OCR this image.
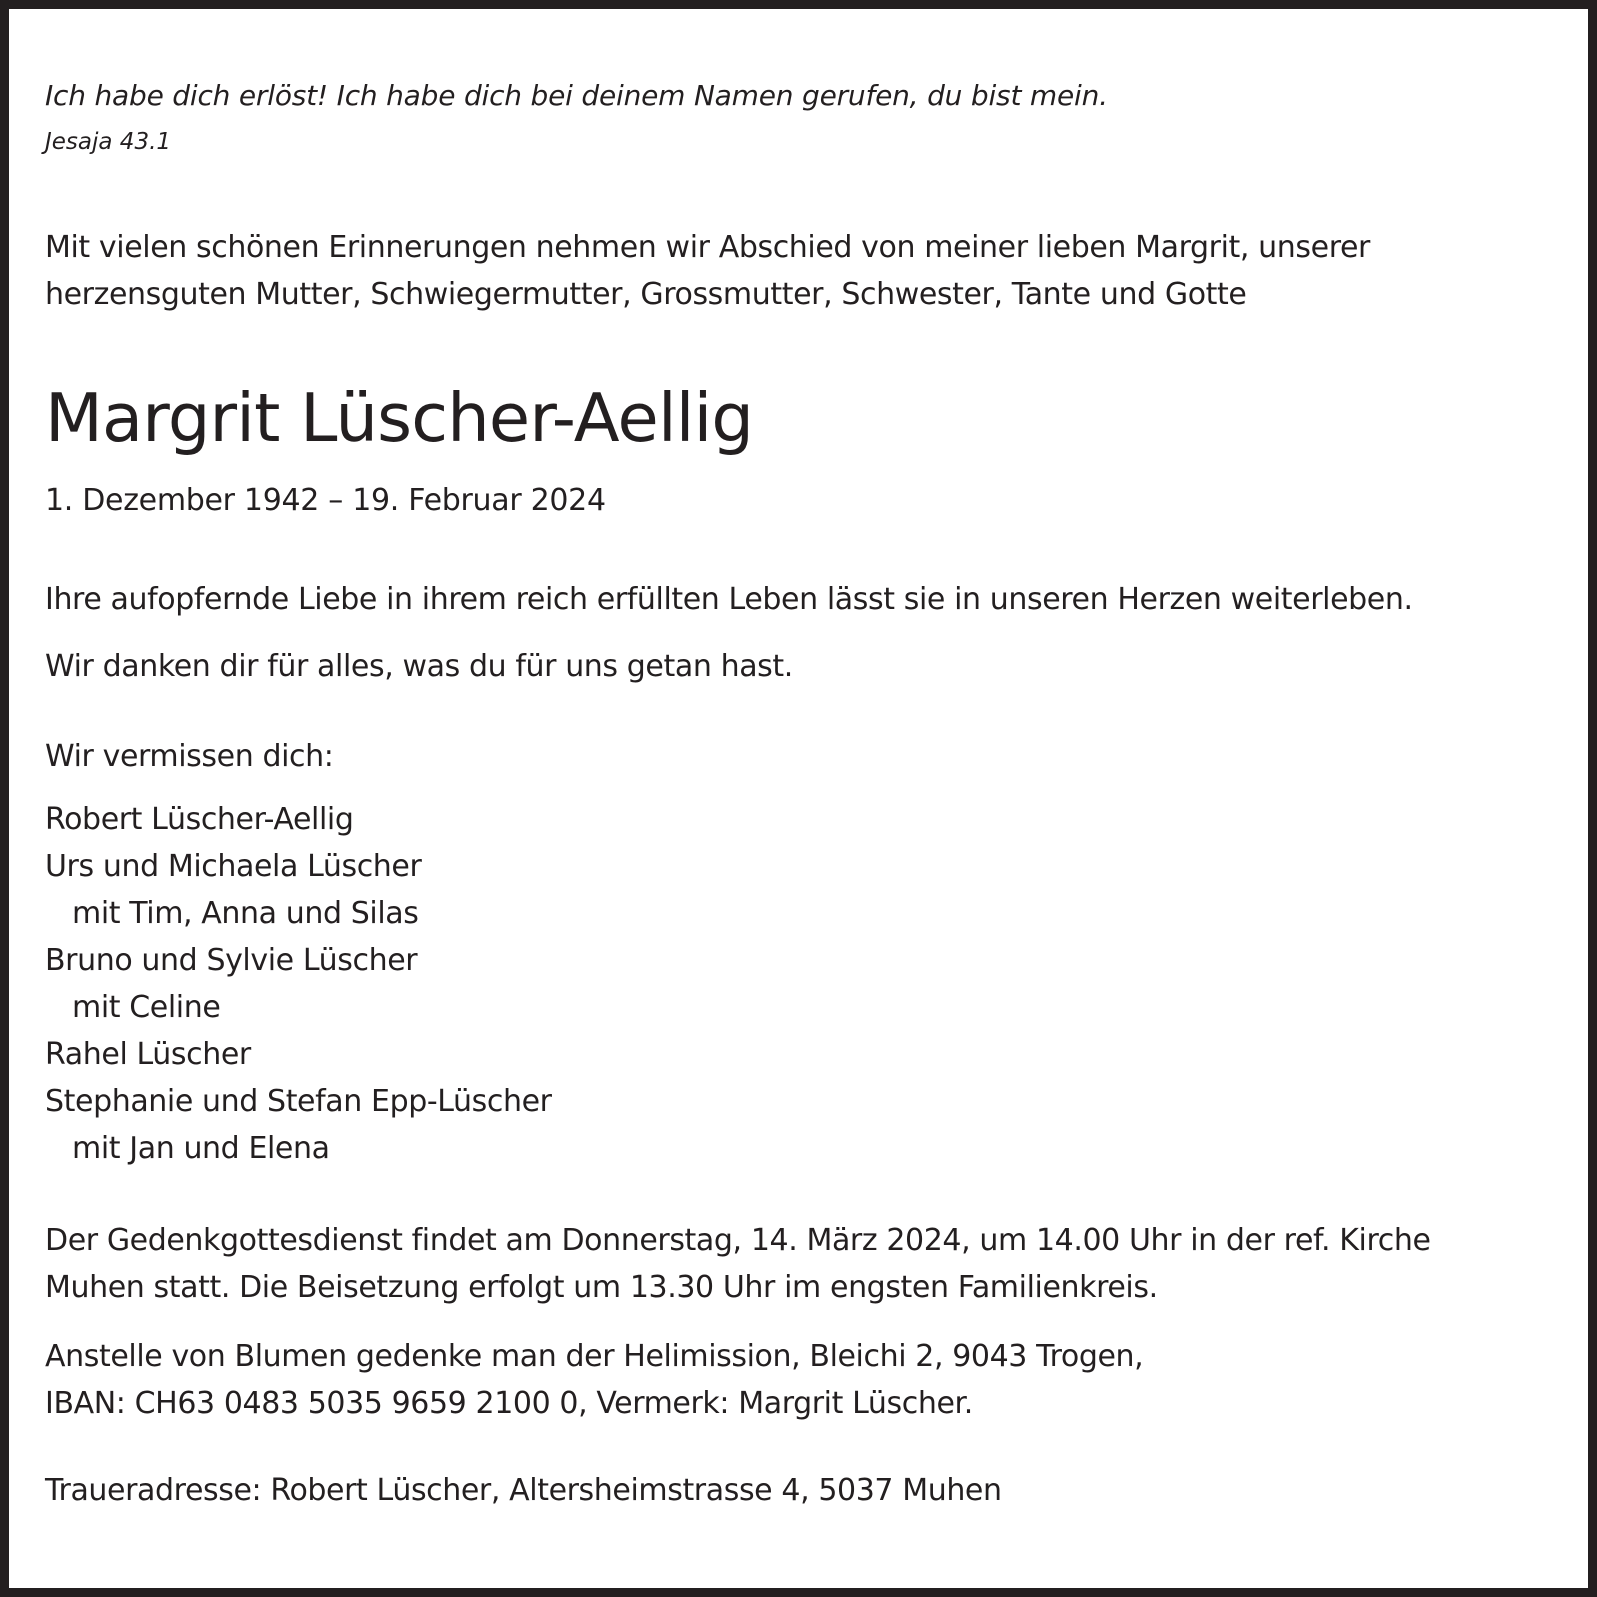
Ich habe dich erlöst! Ich habe dich bei deinem Namen gerufen, du bist mein.

Jesaja 43.1

Mit vielen schönen Erinnerungen nehmen wir Abschied von meiner lieben Margrit, unserer
herzensguten Mutter, Schwiegermutter, Grossmutter, Schwester, Tante und Gotte
Margrit Lüscher-Aellig

1. Dezember 1942 – 19. Februar 2024

Ihre aufopfernde Liebe in ihrem reich erfüllten Leben lässt sie in unseren Herzen weiterleben.

Wir danken dir für alles, was du für uns getan hast.

Wir vermissen dich:

Robert Lüscher-Aellig
Urs und Michaela Lüscher
mit Tim, Anna und Silas
Bruno und Sylvie Lüscher
mit Celine
Rahel Lüscher
Stephanie und Stefan Epp-Lüscher
mit Jan und Elena
Der Gedenkgottesdienst findet am Donnerstag, 14. März 2024, um 14.00 Uhr in der ref. Kirche
Muhen statt. Die Beisetzung erfolgt um 13.30 Uhr im engsten Familienkreis.
Anstelle von Blumen gedenke man der Helimission, Bleichi 2, 9043 Trogen,
IBAN: CH63 0483 5035 9659 2100 0, Vermerk: Margrit Lüscher.

Traueradresse: Robert Lüscher, Altersheimstrasse 4, 5037 Muhen
